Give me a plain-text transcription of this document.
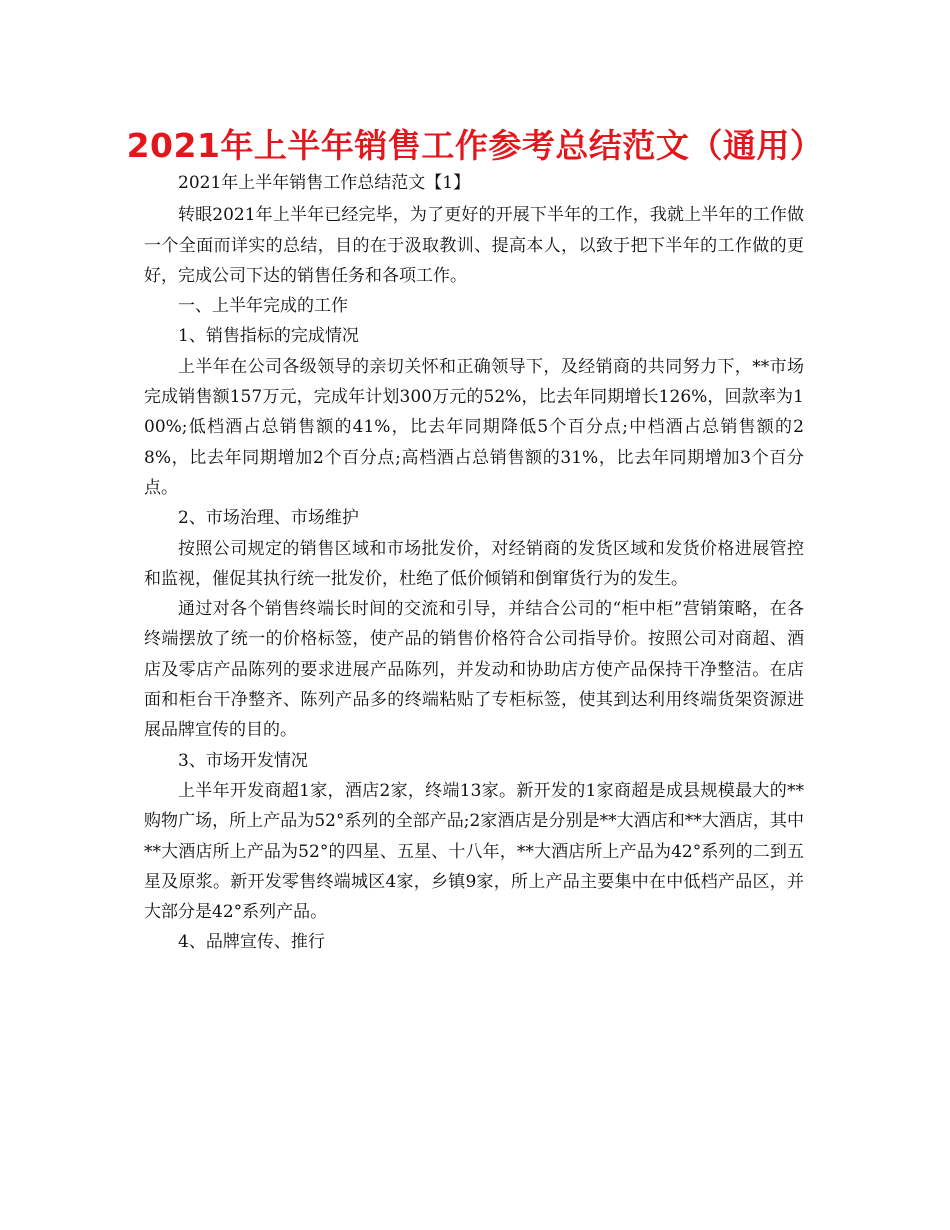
2021年上半年销售工作参考总结范文（通用）

2021年上半年销售工作总结范文【1】

转眼2021年上半年已经完毕，为了更好的开展下半年的工作，我就上半年的工作做一个全面而详实的总结，目的在于汲取教训、提高本人，以致于把下半年的工作做的更好，完成公司下达的销售任务和各项工作。

一、上半年完成的工作

1、销售指标的完成情况

上半年在公司各级领导的亲切关怀和正确领导下，及经销商的共同努力下，**市场完成销售额157万元，完成年计划300万元的52%，比去年同期增长126%，回款率为100%;低档酒占总销售额的41%，比去年同期降低5个百分点;中档酒占总销售额的28%，比去年同期增加2个百分点;高档酒占总销售额的31%，比去年同期增加3个百分点。

2、市场治理、市场维护

按照公司规定的销售区域和市场批发价，对经销商的发货区域和发货价格进展管控和监视，催促其执行统一批发价，杜绝了低价倾销和倒窜货行为的发生。

通过对各个销售终端长时间的交流和引导，并结合公司的“柜中柜”营销策略，在各终端摆放了统一的价格标签，使产品的销售价格符合公司指导价。按照公司对商超、酒店及零店产品陈列的要求进展产品陈列，并发动和协助店方使产品保持干净整洁。在店面和柜台干净整齐、陈列产品多的终端粘贴了专柜标签，使其到达利用终端货架资源进展品牌宣传的目的。

3、市场开发情况

上半年开发商超1家，酒店2家，终端13家。新开发的1家商超是成县规模最大的**购物广场，所上产品为52°系列的全部产品;2家酒店是分别是**大酒店和**大酒店，其中**大酒店所上产品为52°的四星、五星、十八年，**大酒店所上产品为42°系列的二到五星及原浆。新开发零售终端城区4家，乡镇9家，所上产品主要集中在中低档产品区，并大部分是42°系列产品。

4、品牌宣传、推行
